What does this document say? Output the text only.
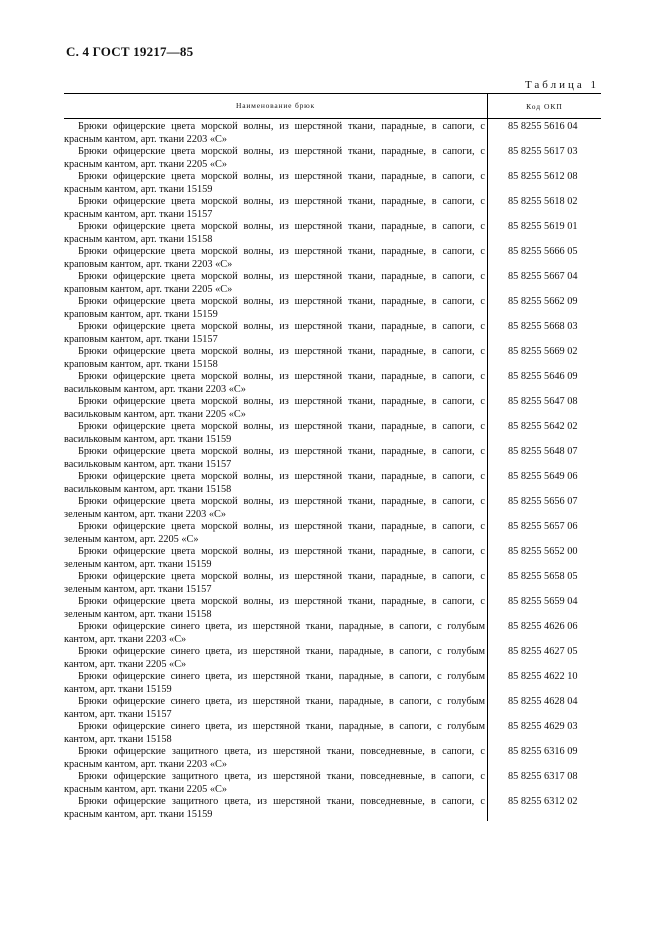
С. 4 ГОСТ 19217—85
Таблица 1
Наименование брюк	Код ОКП
Брюки офицерские цвета морской волны, из шерстяной ткани, парадные, в сапоги, с красным кантом, арт. ткани 2203 «С»
Брюки офицерские цвета морской волны, из шерстяной ткани, парадные, в сапоги, с красным кантом, арт. ткани 2205 «С»
Брюки офицерские цвета морской волны, из шерстяной ткани, парадные, в сапоги, с красным кантом, арт. ткани 15159
Брюки офицерские цвета морской волны, из шерстяной ткани, парадные, в сапоги, с красным кантом, арт. ткани 15157
Брюки офицерские цвета морской волны, из шерстяной ткани, парадные, в сапоги, с красным кантом, арт. ткани 15158
Брюки офицерские цвета морской волны, из шерстяной ткани, парадные, в сапоги, с краповым кантом, арт. ткани 2203 «С»
Брюки офицерские цвета морской волны, из шерстяной ткани, парадные, в сапоги, с краповым кантом, арт. ткани 2205 «С»
Брюки офицерские цвета морской волны, из шерстяной ткани, парадные, в сапоги, с краповым кантом, арт. ткани 15159
Брюки офицерские цвета морской волны, из шерстяной ткани, парадные, в сапоги, с краповым кантом, арт. ткани 15157
Брюки офицерские цвета морской волны, из шерстяной ткани, парадные, в сапоги, с краповым кантом, арт. ткани 15158
Брюки офицерские цвета морской волны, из шерстяной ткани, парадные, в сапоги, с васильковым кантом, арт. ткани 2203 «С»
Брюки офицерские цвета морской волны, из шерстяной ткани, парадные, в сапоги, с васильковым кантом, арт. ткани 2205 «С»
Брюки офицерские цвета морской волны, из шерстяной ткани, парадные, в сапоги, с васильковым кантом, арт. ткани 15159
Брюки офицерские цвета морской волны, из шерстяной ткани, парадные, в сапоги, с васильковым кантом, арт. ткани 15157
Брюки офицерские цвета морской волны, из шерстяной ткани, парадные, в сапоги, с васильковым кантом, арт. ткани 15158
Брюки офицерские цвета морской волны, из шерстяной ткани, парадные, в сапоги, с зеленым кантом, арт. ткани 2203 «С»
Брюки офицерские цвета морской волны, из шерстяной ткани, парадные, в сапоги, с зеленым кантом, арт. 2205 «С»
Брюки офицерские цвета морской волны, из шерстяной ткани, парадные, в сапоги, с зеленым кантом, арт. ткани 15159
Брюки офицерские цвета морской волны, из шерстяной ткани, парадные, в сапоги, с зеленым кантом, арт. ткани 15157
Брюки офицерские цвета морской волны, из шерстяной ткани, парадные, в сапоги, с зеленым кантом, арт. ткани 15158
Брюки офицерские синего цвета, из шерстяной ткани, парадные, в сапоги, с голубым кантом, арт. ткани 2203 «С»
Брюки офицерские синего цвета, из шерстяной ткани, парадные, в сапоги, с голубым кантом, арт. ткани 2205 «С»
Брюки офицерские синего цвета, из шерстяной ткани, парадные, в сапоги, с голубым кантом, арт. ткани 15159
Брюки офицерские синего цвета, из шерстяной ткани, парадные, в сапоги, с голубым кантом, арт. ткани 15157
Брюки офицерские синего цвета, из шерстяной ткани, парадные, в сапоги, с голубым кантом, арт. ткани 15158
Брюки офицерские защитного цвета, из шерстяной ткани, повседневные, в сапоги, с красным кантом, арт. ткани 2203 «С»
Брюки офицерские защитного цвета, из шерстяной ткани, повседневные, в сапоги, с красным кантом, арт. ткани 2205 «С»
Брюки офицерские защитного цвета, из шерстяной ткани, повседневные, в сапоги, с красным кантом, арт. ткани 15159
85 8255 5616 04
85 8255 5617 03
85 8255 5612 08
85 8255 5618 02
85 8255 5619 01
85 8255 5666 05
85 8255 5667 04
85 8255 5662 09
85 8255 5668 03
85 8255 5669 02
85 8255 5646 09
85 8255 5647 08
85 8255 5642 02
85 8255 5648 07
85 8255 5649 06
85 8255 5656 07
85 8255 5657 06
85 8255 5652 00
85 8255 5658 05
85 8255 5659 04
85 8255 4626 06
85 8255 4627 05
85 8255 4622 10
85 8255 4628 04
85 8255 4629 03
85 8255 6316 09
85 8255 6317 08
85 8255 6312 02
